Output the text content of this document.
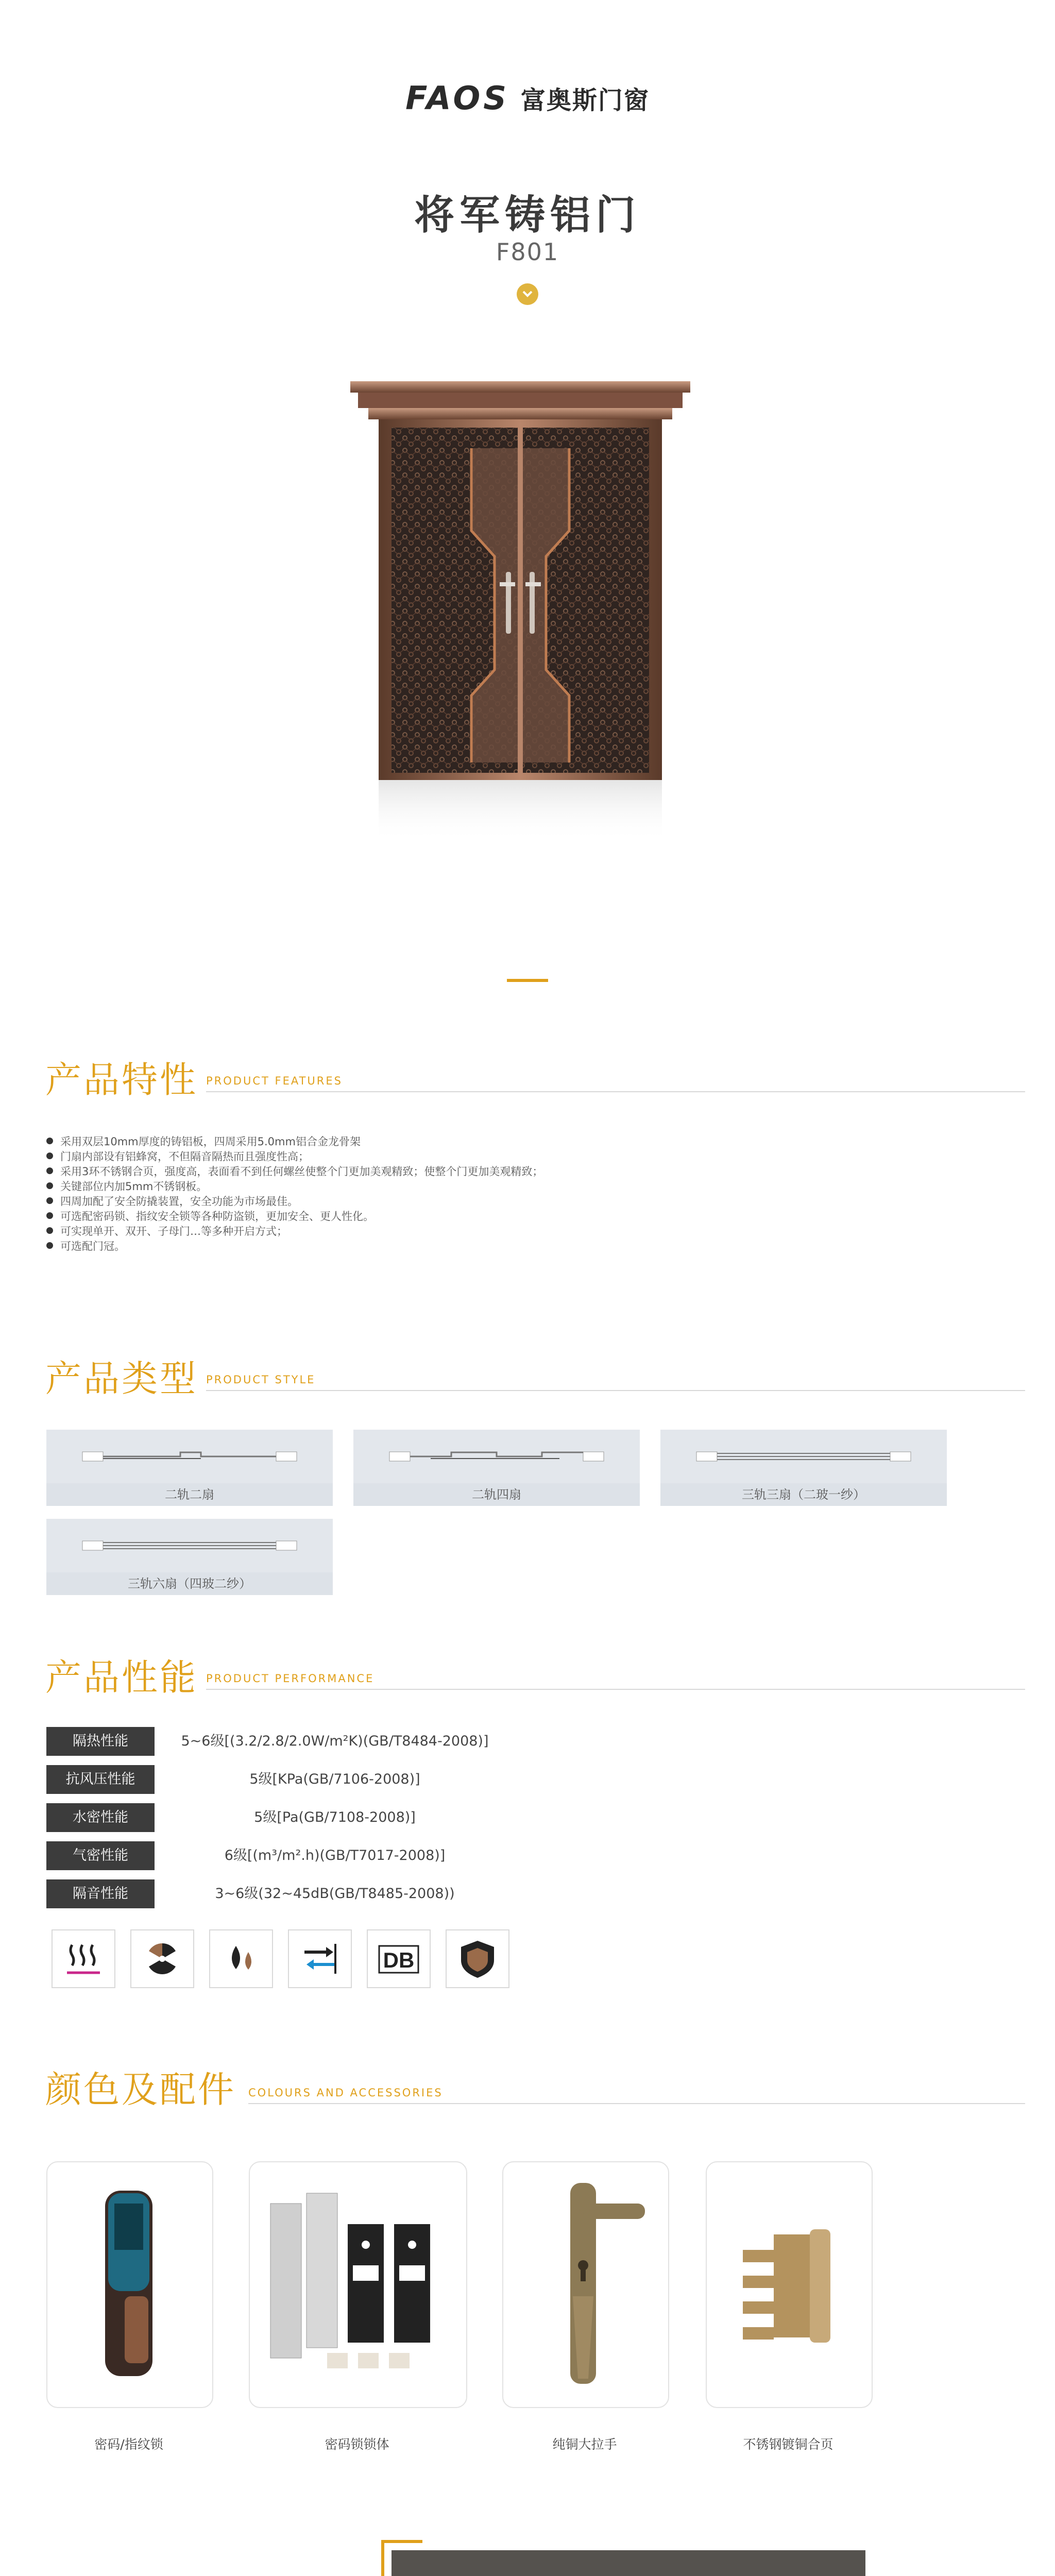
FAOS 富奥斯门窗
将军铸铝门
F801
产品特性 PRODUCT FEATURES
采用双层10mm厚度的铸铝板，四周采用5.0mm铝合金龙骨架
门扇内部设有铝蜂窝，不但隔音隔热而且强度性高；
采用3环不锈钢合页，强度高，表面看不到任何螺丝使整个门更加美观精致；使整个门更加美观精致；
关键部位内加5mm不锈钢板。
四周加配了安全防撬装置，安全功能为市场最佳。
可选配密码锁、指纹安全锁等各种防盗锁，更加安全、更人性化。
可实现单开、双开、子母门…等多种开启方式；
可选配门冠。
产品类型 PRODUCT STYLE
二轨二扇	二轨四扇	三轨三扇（二玻一纱）
三轨六扇（四玻二纱）
产品性能 PRODUCT PERFORMANCE
隔热性能	5~6级[(3.2/2.8/2.0W/m²K)(GB/T8484-2008)]
抗风压性能	5级[KPa(GB/7106-2008)]
水密性能	5级[Pa(GB/7108-2008)]
气密性能	6级[(m³/m².h)(GB/T7017-2008)]
隔音性能	3~6级(32~45dB(GB/T8485-2008))
DB
颜色及配件 COLOURS AND ACCESSORIES
密码/指纹锁	密码锁锁体	纯铜大拉手	不锈钢镀铜合页
